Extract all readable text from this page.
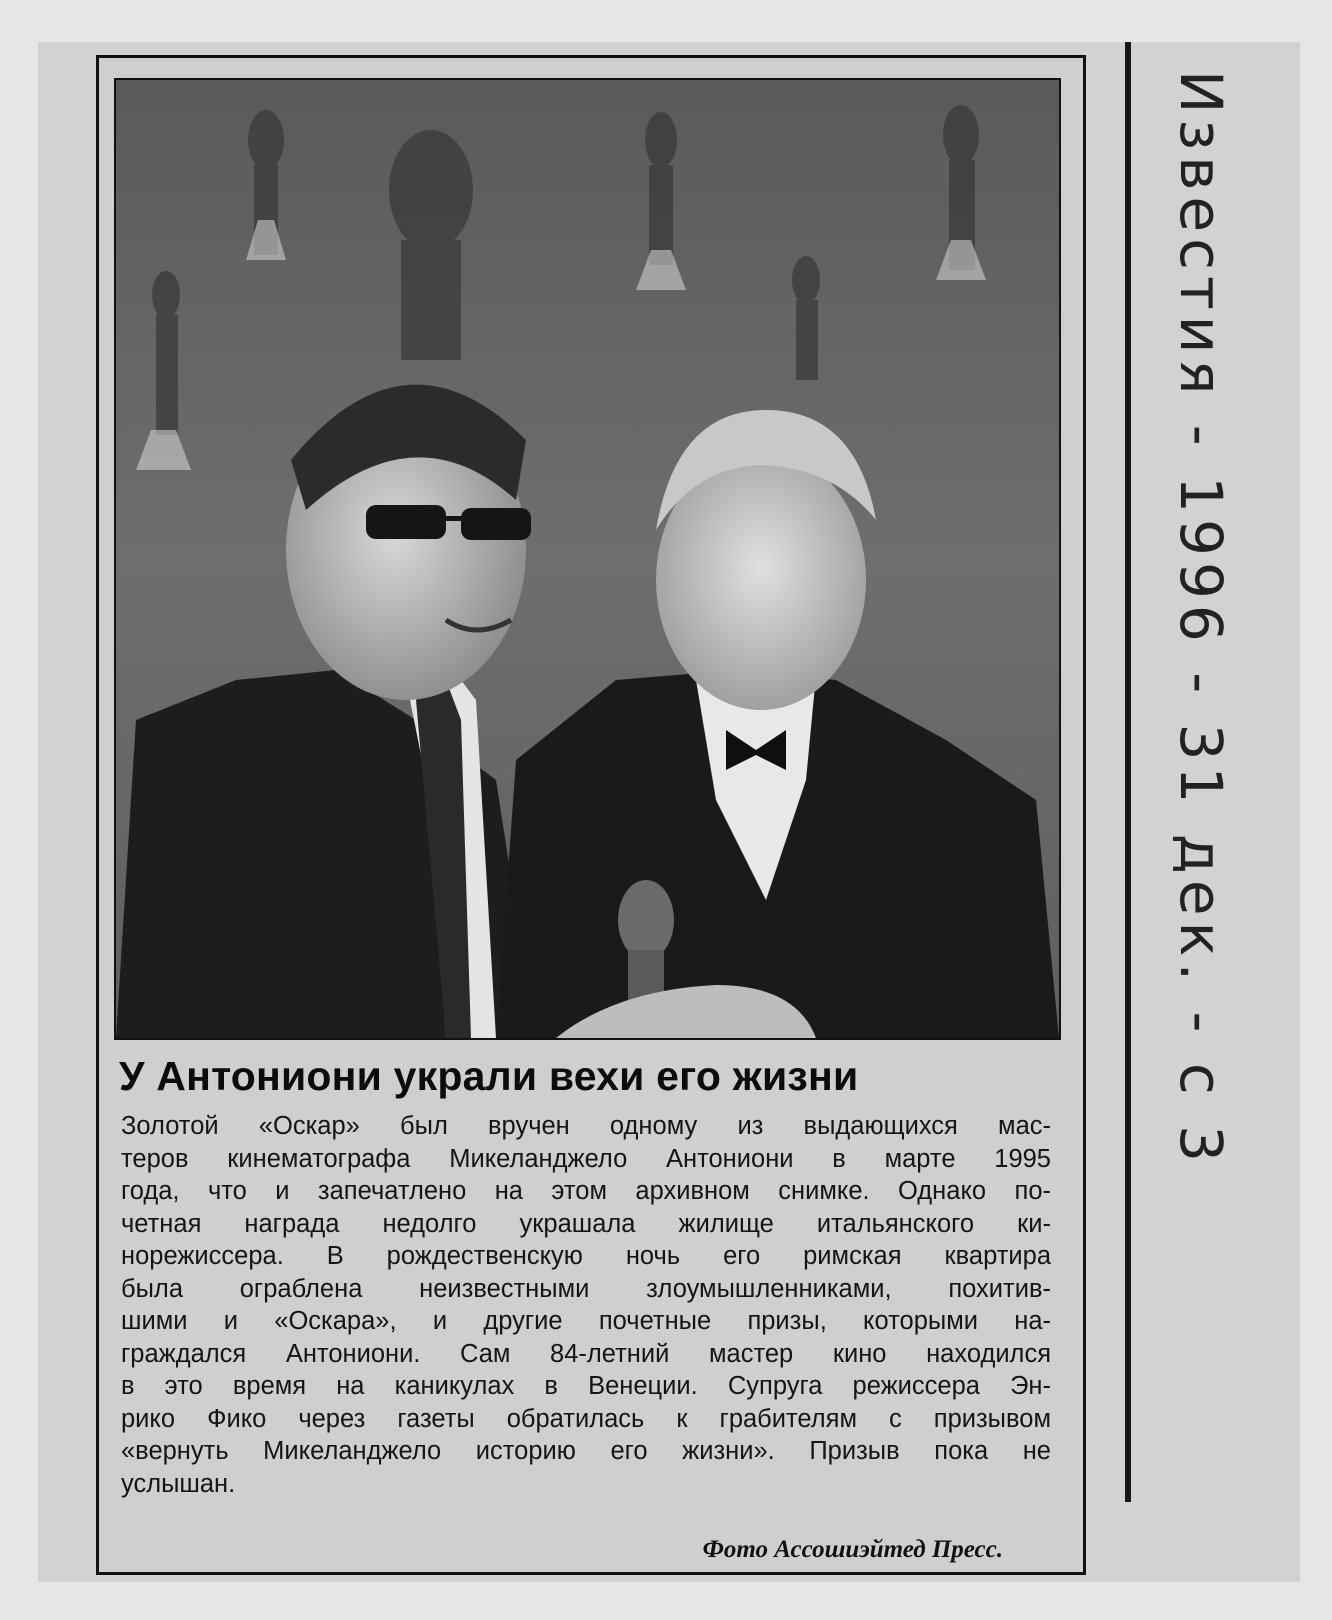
У Антониони украли вехи его жизни
Золотой «Оскар» был вручен одному из выдающихся мас-
теров кинематографа Микеланджело Антониони в марте 1995
года, что и запечатлено на этом архивном снимке. Однако по-
четная награда недолго украшала жилище итальянского ки-
норежиссера. В рождественскую ночь его римская квартира
была ограблена неизвестными злоумышленниками, похитив-
шими и «Оскара», и другие почетные призы, которыми на-
граждался Антониони. Сам 84-летний мастер кино находился
в это время на каникулах в Венеции. Супруга режиссера Эн-
рико Фико через газеты обратилась к грабителям с призывом
«вернуть Микеланджело историю его жизни». Призыв пока не
услышан.
Фото Ассошиэйтед Пресс.
Известия - 1996 - 31 дек. - с 3
